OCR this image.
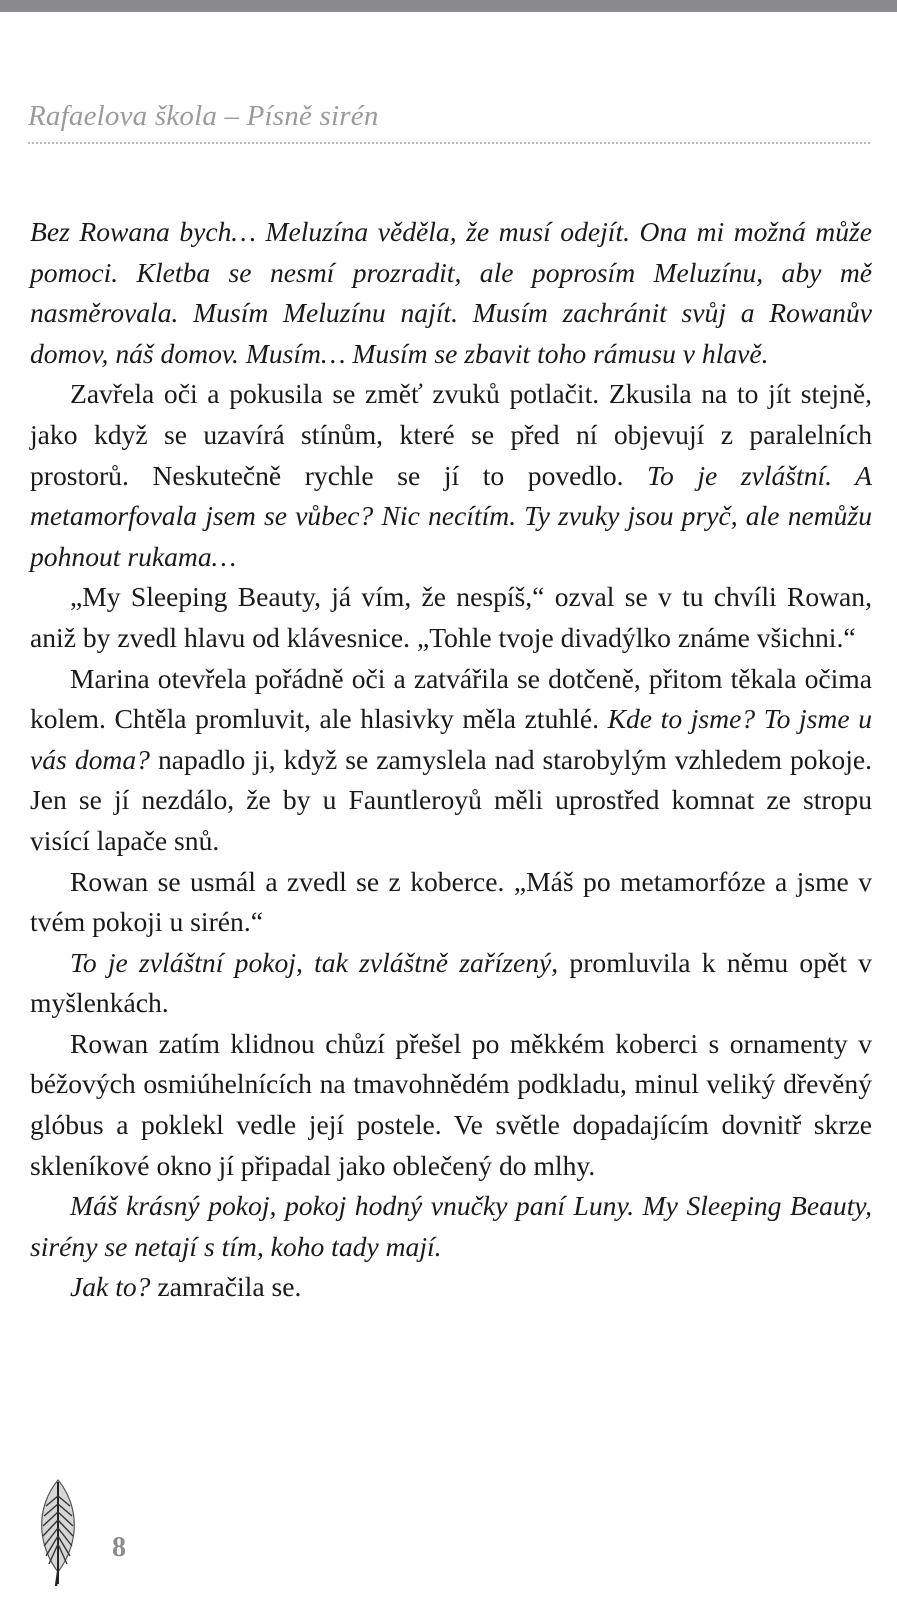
Rafaelova škola – Písně sirén

Bez Rowana bych… Meluzína věděla, že musí odejít. Ona mi možná může pomoci. Kletba se nesmí prozradit, ale poprosím Meluzínu, aby mě nasměrovala. Musím Meluzínu najít. Musím zachránit svůj a Rowanův domov, náš domov. Musím… Musím se zbavit toho rámusu v hlavě.

Zavřela oči a pokusila se změť zvuků potlačit. Zkusila na to jít stejně, jako když se uzavírá stínům, které se před ní objevují z paralelních prostorů. Neskutečně rychle se jí to povedlo. To je zvláštní. A metamorfovala jsem se vůbec? Nic necítím. Ty zvuky jsou pryč, ale nemůžu pohnout rukama…

„My Sleeping Beauty, já vím, že nespíš,“ ozval se v tu chvíli Rowan, aniž by zvedl hlavu od klávesnice. „Tohle tvoje divadýlko známe všichni.“

Marina otevřela pořádně oči a zatvářila se dotčeně, přitom těkala očima kolem. Chtěla promluvit, ale hlasivky měla ztuhlé. Kde to jsme? To jsme u vás doma? napadlo ji, když se zamyslela nad starobylým vzhledem pokoje. Jen se jí nezdálo, že by u Fauntleroyů měli uprostřed komnat ze stropu visící lapače snů.

Rowan se usmál a zvedl se z koberce. „Máš po metamorfóze a jsme v tvém pokoji u sirén.“

To je zvláštní pokoj, tak zvláštně zařízený, promluvila k němu opět v myšlenkách.

Rowan zatím klidnou chůzí přešel po měkkém koberci s ornamenty v béžových osmiúhelnících na tmavohnědém podkladu, minul veliký dřevěný glóbus a poklekl vedle její postele. Ve světle dopadajícím dovnitř skrze skleníkové okno jí připadal jako oblečený do mlhy.

Máš krásný pokoj, pokoj hodný vnučky paní Luny. My Sleeping Beauty, sirény se netají s tím, koho tady mají.

Jak to? zamračila se.

8
